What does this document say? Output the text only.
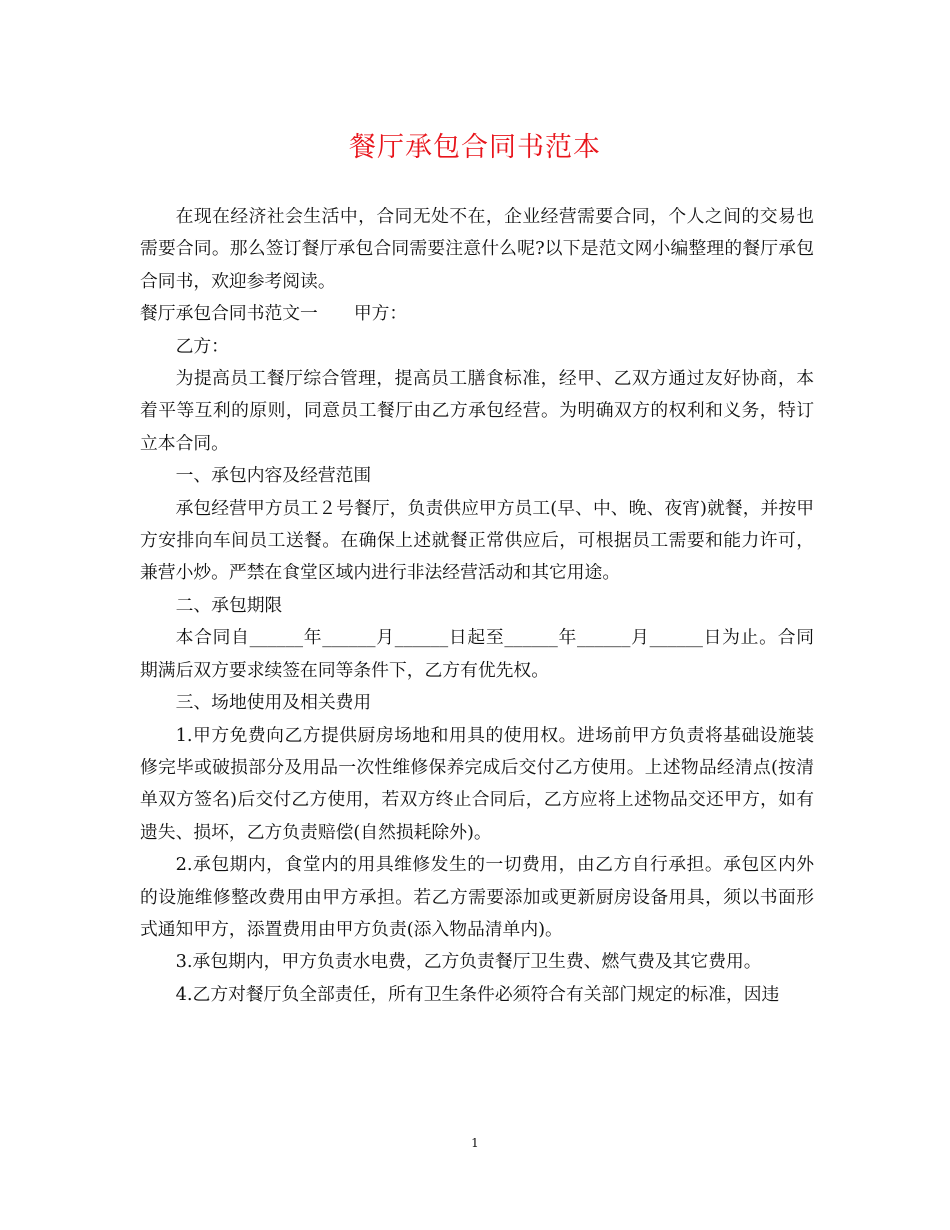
餐厅承包合同书范本

在现在经济社会生活中，合同无处不在，企业经营需要合同，个人之间的交易也需要合同。那么签订餐厅承包合同需要注意什么呢?以下是范文网小编整理的餐厅承包合同书，欢迎参考阅读。

餐厅承包合同书范文一 甲方：

乙方：

为提高员工餐厅综合管理，提高员工膳食标准，经甲、乙双方通过友好协商，本着平等互利的原则，同意员工餐厅由乙方承包经营。为明确双方的权利和义务，特订立本合同。

一、承包内容及经营范围

承包经营甲方员工２号餐厅，负责供应甲方员工(早、中、晚、夜宵)就餐，并按甲方安排向车间员工送餐。在确保上述就餐正常供应后，可根据员工需要和能力许可，兼营小炒。严禁在食堂区域内进行非法经营活动和其它用途。

二、承包期限

本合同自______年______月______日起至______年______月______日为止。合同期满后双方要求续签在同等条件下，乙方有优先权。

三、场地使用及相关费用

1.甲方免费向乙方提供厨房场地和用具的使用权。进场前甲方负责将基础设施装修完毕或破损部分及用品一次性维修保养完成后交付乙方使用。上述物品经清点(按清单双方签名)后交付乙方使用，若双方终止合同后，乙方应将上述物品交还甲方，如有遗失、损坏，乙方负责赔偿(自然损耗除外)。

2.承包期内，食堂内的用具维修发生的一切费用，由乙方自行承担。承包区内外的设施维修整改费用由甲方承担。若乙方需要添加或更新厨房设备用具，须以书面形式通知甲方，添置费用由甲方负责(添入物品清单内)。

3.承包期内，甲方负责水电费，乙方负责餐厅卫生费、燃气费及其它费用。

4.乙方对餐厅负全部责任，所有卫生条件必须符合有关部门规定的标准，因违

1
